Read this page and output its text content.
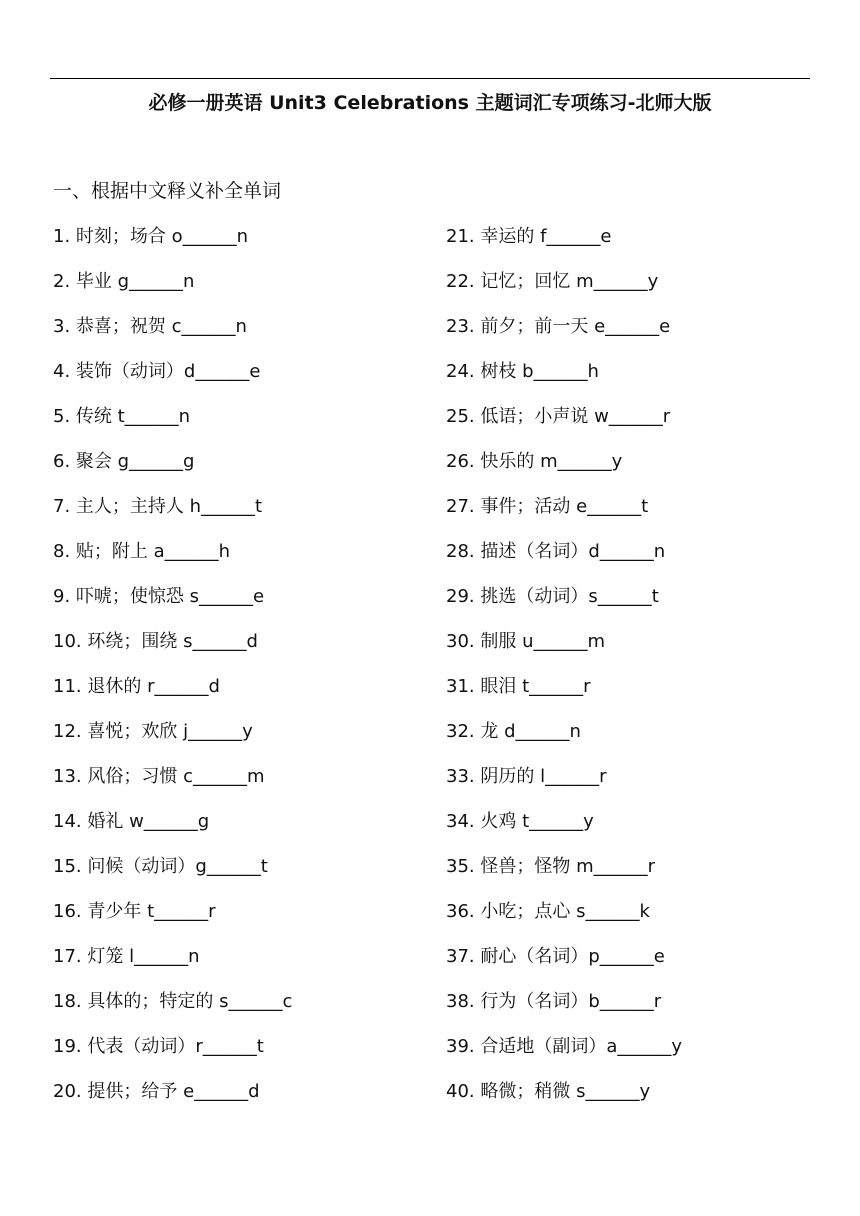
必修一册英语 Unit3 Celebrations 主题词汇专项练习-北师大版
一、根据中文释义补全单词
1. 时刻；场合 o______n
2. 毕业 g______n
3. 恭喜；祝贺 c______n
4. 装饰（动词）d______e
5. 传统 t______n
6. 聚会 g______g
7. 主人；主持人 h______t
8. 贴；附上 a______h
9. 吓唬；使惊恐 s______e
10. 环绕；围绕 s______d
11. 退休的 r______d
12. 喜悦；欢欣 j______y
13. 风俗；习惯 c______m
14. 婚礼 w______g
15. 问候（动词）g______t
16. 青少年 t______r
17. 灯笼 l______n
18. 具体的；特定的 s______c
19. 代表（动词）r______t
20. 提供；给予 e______d
21. 幸运的 f______e
22. 记忆；回忆 m______y
23. 前夕；前一天 e______e
24. 树枝 b______h
25. 低语；小声说 w______r
26. 快乐的 m______y
27. 事件；活动 e______t
28. 描述（名词）d______n
29. 挑选（动词）s______t
30. 制服 u______m
31. 眼泪 t______r
32. 龙 d______n
33. 阴历的 l______r
34. 火鸡 t______y
35. 怪兽；怪物 m______r
36. 小吃；点心 s______k
37. 耐心（名词）p______e
38. 行为（名词）b______r
39. 合适地（副词）a______y
40. 略微；稍微 s______y
